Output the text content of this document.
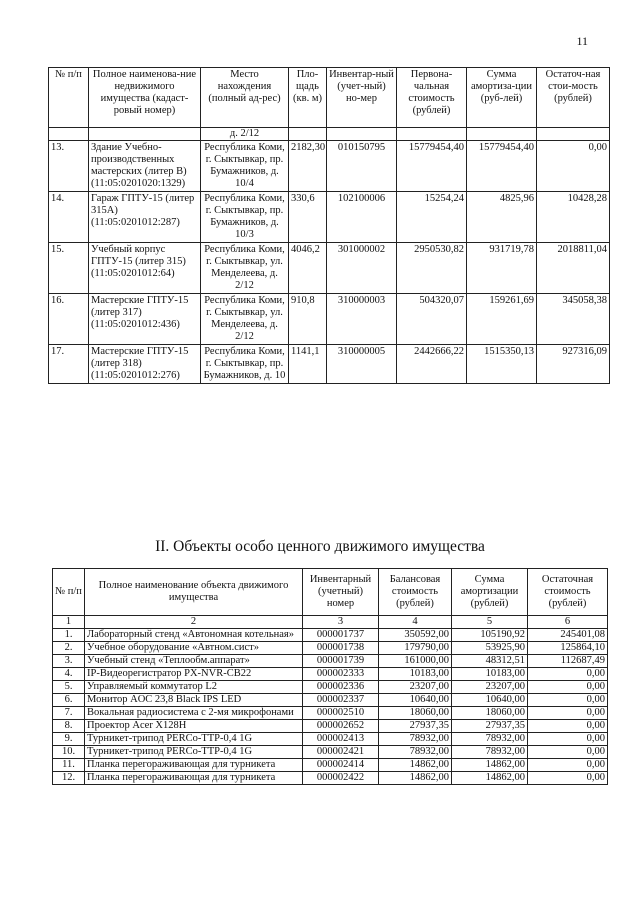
11
№ п/п	Полное наименова-ние недвижимого имущества (кадаст-ровый номер)	Место нахождения (полный ад-рес)	Пло-щадь (кв. м)	Инвентар-ный (учет-ный) но-мер	Первона-чальная стоимость (рублей)	Сумма амортиза-ции (руб-лей)	Остаточ-ная стои-мость (рублей)
		д. 2/12					
13.	Здание Учебно-производственных мастерских (литер В) (11:05:0201020:1329)	Республика Коми, г. Сыктывкар, пр. Бумажников, д. 10/4	2182,30	010150795	15779454,40	15779454,40	0,00
14.	Гараж ГПТУ-15 (литер 315А) (11:05:0201012:287)	Республика Коми, г. Сыктывкар, пр. Бумажников, д. 10/3	330,6	102100006	15254,24	4825,96	10428,28
15.	Учебный корпус ГПТУ-15 (литер 315) (11:05:0201012:64)	Республика Коми, г. Сыктывкар, ул. Менделеева, д. 2/12	4046,2	301000002	2950530,82	931719,78	2018811,04
16.	Мастерские ГПТУ-15 (литер 317) (11:05:0201012:436)	Республика Коми, г. Сыктывкар, ул. Менделеева, д. 2/12	910,8	310000003	504320,07	159261,69	345058,38
17.	Мастерские ГПТУ-15 (литер 318) (11:05:0201012:276)	Республика Коми, г. Сыктывкар, пр. Бумажников, д. 10	1141,1	310000005	2442666,22	1515350,13	927316,09
II. Объекты особо ценного движимого имущества
№ п/п	Полное наименование объекта движимого имущества	Инвентарный (учетный) номер	Балансовая стоимость (рублей)	Сумма амортизации (рублей)	Остаточная стоимость (рублей)
1	2	3	4	5	6
1.	Лабораторный стенд «Автономная котельная»	000001737	350592,00	105190,92	245401,08
2.	Учебное оборудование «Автном.сист»	000001738	179790,00	53925,90	125864,10
3.	Учебный стенд «Теплообм.аппарат»	000001739	161000,00	48312,51	112687,49
4.	IP-Видеорегистратор PX-NVR-CB22	000002333	10183,00	10183,00	0,00
5.	Управляемый коммутатор L2	000002336	23207,00	23207,00	0,00
6.	Монитор AOC 23,8 Black IPS LED	000002337	10640,00	10640,00	0,00
7.	Вокальная радиосистема с 2-мя микрофонами	000002510	18060,00	18060,00	0,00
8.	Проектор Acer X128H	000002652	27937,35	27937,35	0,00
9.	Турникет-трипод PERCo-TTP-0,4 1G	000002413	78932,00	78932,00	0,00
10.	Турникет-трипод PERCo-TTP-0,4 1G	000002421	78932,00	78932,00	0,00
11.	Планка перегораживающая для турникета	000002414	14862,00	14862,00	0,00
12.	Планка перегораживающая для турникета	000002422	14862,00	14862,00	0,00
